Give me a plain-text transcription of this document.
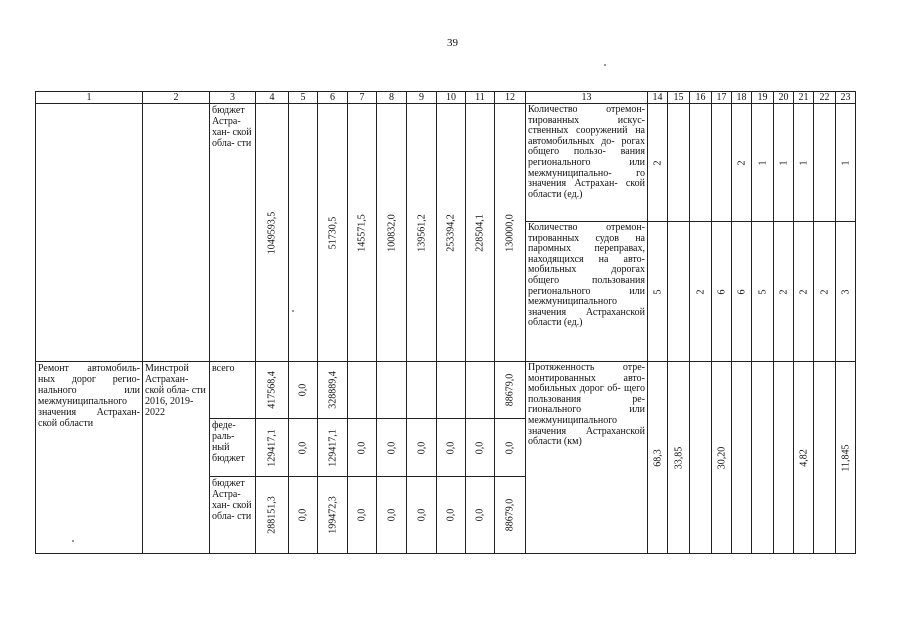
39
1	2	3	4	5	6	7	8	9	10	11	12	13	14	15	16	17	18	19	20	21	22	23
		бюджет Астра- хан- ской обла- сти	1049593,5		51730,5	145571,5	100832,0	139561,2	253394,2	228504,1	130000,0	Количество отремон- тированных искус- ственных сооружений на автомобильных до- рогах общего пользо- вания регионального или межмуниципально- го значения Астрахан- ской области (ед.)	2				2	1	1	1		1

												Количество отремон- тированных судов на паромных переправах, находящихся на авто- мобильных дорогах общего пользования регионального или межмуниципального значения Астраханской области (ед.)	5		2	6	6	5	2	2	2	3

Ремонт автомобиль- ных дорог регио- нального или межмуниципального значения Астрахан- ской области	Минстрой Астрахан- ской обла- сти 2016, 2019- 2022	всего	417568,4	0,0	328889,4						88679,0	Протяженность отре- монтированных авто- мобильных дорог об- щего пользования ре- гионального или межмуниципального значения Астраханской области (км)	68,3	33,85		30,20				4,82		11,845

		феде- раль- ный бюджет	129417,1	0,0	129417,1	0,0	0,0	0,0	0,0	0,0	0,0											

		бюджет Астра- хан- ской обла- сти	288151,3	0,0	199472,3	0,0	0,0	0,0	0,0	0,0	88679,0											
